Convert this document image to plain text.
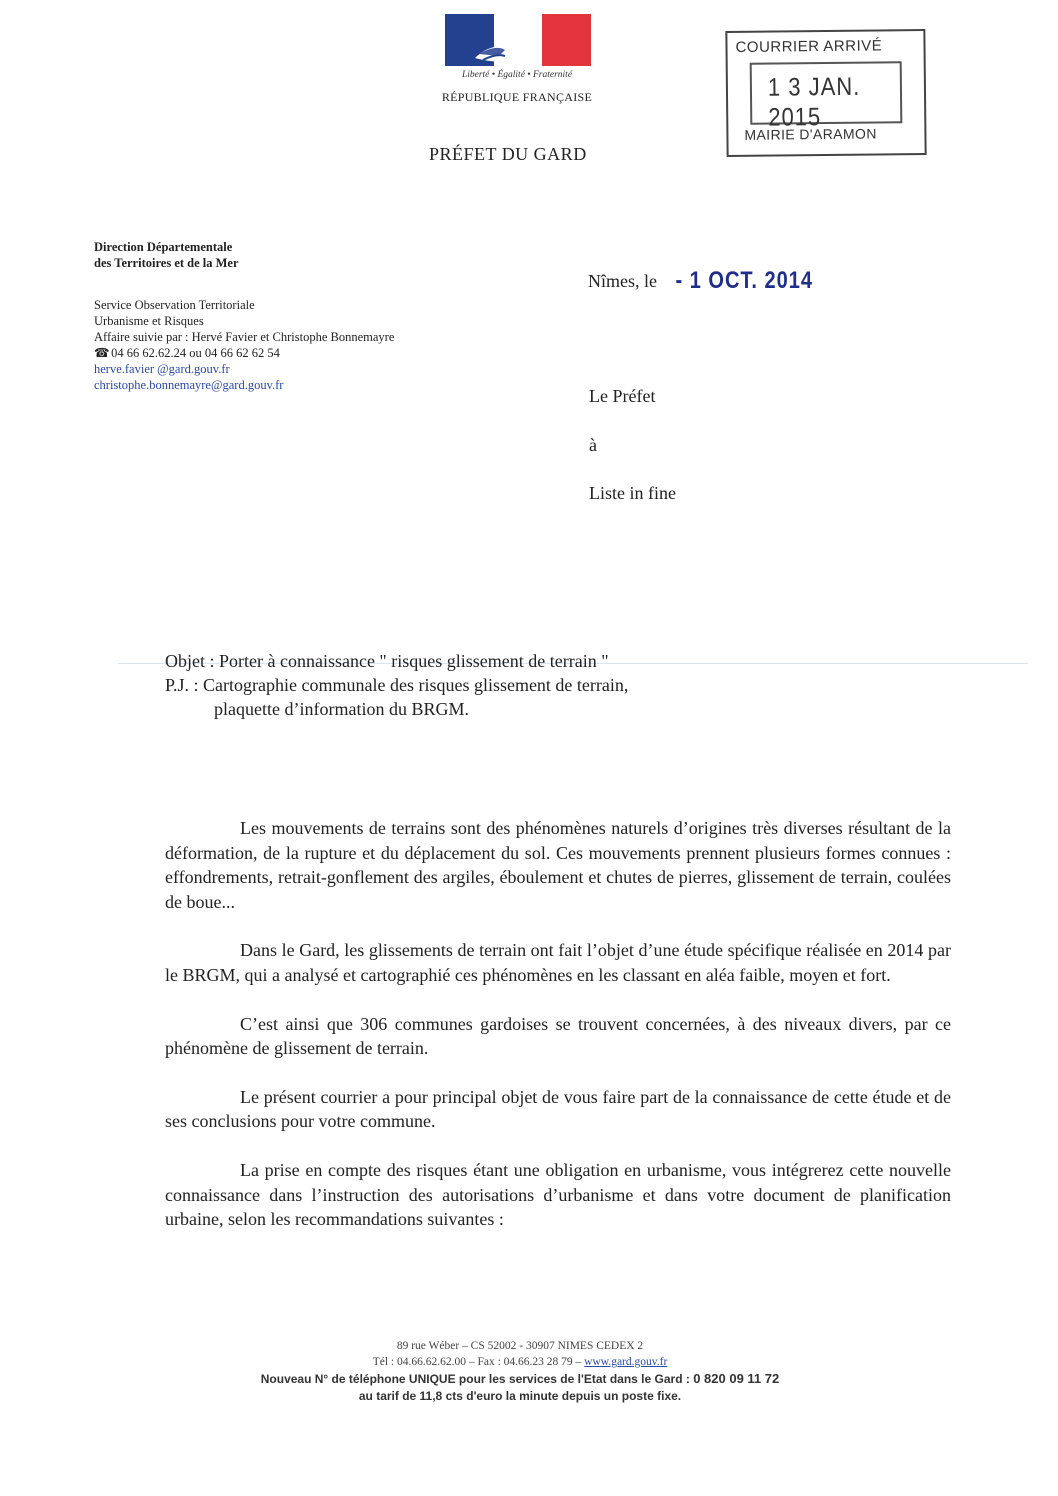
Liberté • Égalité • Fraternité
RÉPUBLIQUE FRANÇAISE
PRÉFET DU GARD
COURRIER ARRIVÉ
1 3 JAN. 2015
MAIRIE D'ARAMON
Direction Départementale
des Territoires et de la Mer
Service Observation Territoriale
Urbanisme et Risques
Affaire suivie par : Hervé Favier et Christophe Bonnemayre
☎ 04 66 62.62.24 ou 04 66 62 62 54
herve.favier @gard.gouv.fr
christophe.bonnemayre@gard.gouv.fr
Nîmes, le - 1 OCT. 2014
Le Préfet
à
Liste in fine
Objet : Porter à connaissance " risques glissement de terrain "
P.J. : Cartographie communale des risques glissement de terrain,
plaquette d’information du BRGM.

Les mouvements de terrains sont des phénomènes naturels d’origines très diverses résultant de la déformation, de la rupture et du déplacement du sol. Ces mouvements prennent plusieurs formes connues : effondrements, retrait-gonflement des argiles, éboulement et chutes de pierres, glissement de terrain, coulées de boue...

Dans le Gard, les glissements de terrain ont fait l’objet d’une étude spécifique réalisée en 2014 par le BRGM, qui a analysé et cartographié ces phénomènes en les classant en aléa faible, moyen et fort.

C’est ainsi que 306 communes gardoises se trouvent concernées, à des niveaux divers, par ce phénomène de glissement de terrain.

Le présent courrier a pour principal objet de vous faire part de la connaissance de cette étude et de ses conclusions pour votre commune.

La prise en compte des risques étant une obligation en urbanisme, vous intégrerez cette nouvelle connaissance dans l’instruction des autorisations d’urbanisme et dans votre document de planification urbaine, selon les recommandations suivantes :

89 rue Wéber – CS 52002 - 30907 NIMES CEDEX 2
Tél : 04.66.62.62.00 – Fax : 04.66.23 28 79 – www.gard.gouv.fr
Nouveau N° de téléphone UNIQUE pour les services de l'Etat dans le Gard : 0 820 09 11 72
au tarif de 11,8 cts d'euro la minute depuis un poste fixe.
